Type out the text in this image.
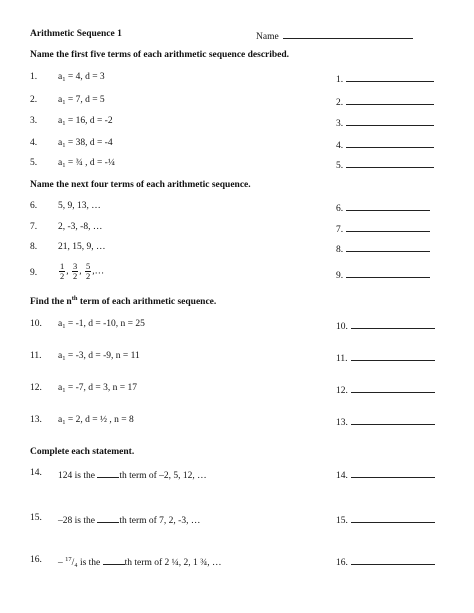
Arithmetic Sequence 1	Name
Name the first five terms of each arithmetic sequence described.
1. $a_1 = 4$, d = 3	1.
2. $a_1 = 7$, d = 5	2.
3. $a_1 = 16$, d = -2	3.
4. $a_1 = 38$, d = -4	4.
5. $a_1$ = ¾ , d = -¼	5.
Name the next four terms of each arithmetic sequence.
6. 5, 9, 13, …	6.
7. 2, -3, -8, …	7.
8. 21, 15, 9, …	8.
9.	$\frac{1}{2}$ , $\frac{3}{2}$ , $\frac{5}{2}$ ,…	9.
Find the $n^{th}$ term of each arithmetic sequence.
10. $a_1 = -1$, d = -10, n = 25	10.
11. $a_1 = -3$, d = -9, n = 11	11.
12. $a_1 = -7$, d = 3, n = 17	12.
13. $a_1 = 2$, d = ½ , n = 8	13.
Complete each statement.
14. 124 is the th term of –2, 5, 12, …	14.
15. –28 is the th term of 7, 2, -3, …	15.
16. – $^{17}$/₄ is the th term of 2 ¼, 2, 1 ¾, …	16.
